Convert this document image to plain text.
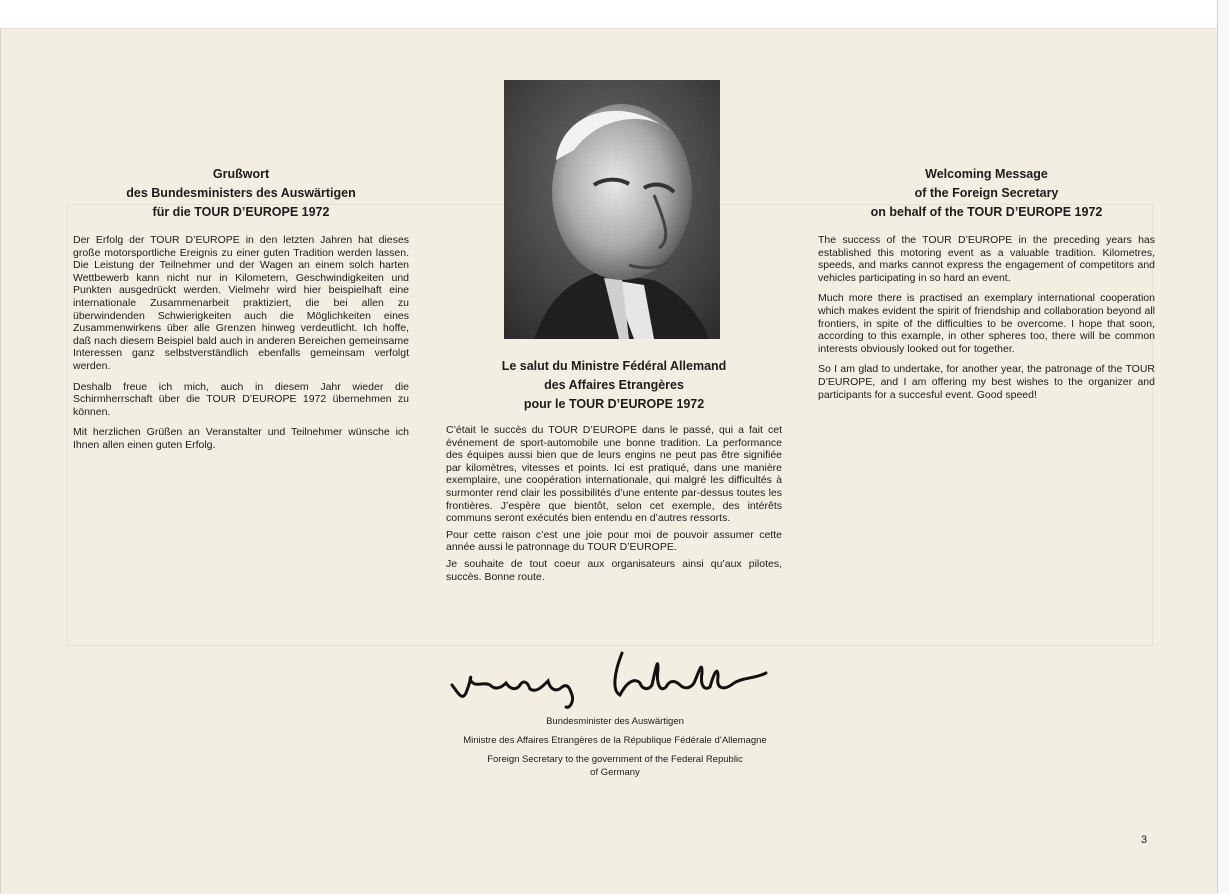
Grußwort
des Bundesministers des Auswärtigen
für die TOUR D’EUROPE 1972

Der Erfolg der TOUR D’EUROPE in den letzten Jahren hat dieses große motorsportliche Ereignis zu einer guten Tradition werden lassen. Die Leistung der Teilnehmer und der Wagen an einem solch harten Wettbewerb kann nicht nur in Kilometern, Geschwindigkeiten und Punkten ausgedrückt werden. Vielmehr wird hier beispielhaft eine internationale Zusammenarbeit praktiziert, die bei allen zu überwindenden Schwierigkeiten auch die Möglichkeiten eines Zusammenwirkens über alle Grenzen hinweg verdeutlicht. Ich hoffe, daß nach diesem Beispiel bald auch in anderen Bereichen gemeinsame Interessen ganz selbstverständlich ebenfalls gemeinsam verfolgt werden.

Deshalb freue ich mich, auch in diesem Jahr wieder die Schirmherrschaft über die TOUR D’EUROPE 1972 übernehmen zu können.

Mit herzlichen Grüßen an Veranstalter und Teilnehmer wünsche ich Ihnen allen einen guten Erfolg.

Le salut du Ministre Fédéral Allemand
des Affaires Etrangères
pour le TOUR D’EUROPE 1972

C’était le succès du TOUR D’EUROPE dans le passé, qui a fait cet événement de sport-automobile une bonne tradition. La performance des équipes aussi bien que de leurs engins ne peut pas être signifiée par kilomètres, vitesses et points. Ici est pratiqué, dans une manière exemplaire, une coopération internationale, qui malgré les difficultés à surmonter rend clair les possibilités d’une entente par-dessus toutes les frontières. J’espère que bientôt, selon cet exemple, des intérêts communs seront exécutés bien entendu en d’autres ressorts.

Pour cette raison c’est une joie pour moi de pouvoir assumer cette année aussi le patronnage du TOUR D’EUROPE.

Je souhaite de tout coeur aux organisateurs ainsi qu’aux pilotes, succès. Bonne route.

Welcoming Message
of the Foreign Secretary
on behalf of the TOUR D’EUROPE 1972

The success of the TOUR D’EUROPE in the preceding years has established this motoring event as a valuable tradition. Kilometres, speeds, and marks cannot express the engagement of competitors and vehicles participating in so hard an event.

Much more there is practised an exemplary international cooperation which makes evident the spirit of friendship and collaboration beyond all frontiers, in spite of the difficulties to be overcome. I hope that soon, according to this example, in other spheres too, there will be common interests obviously looked out for together.

So I am glad to undertake, for another year, the patronage of the TOUR D’EUROPE, and I am offering my best wishes to the organizer and participants for a succesful event. Good speed!

Bundesminister des Auswärtigen
Ministre des Affaires Etrangères de la République Fédérale d’Allemagne
Foreign Secretary to the government of the Federal Republic
of Germany
3
